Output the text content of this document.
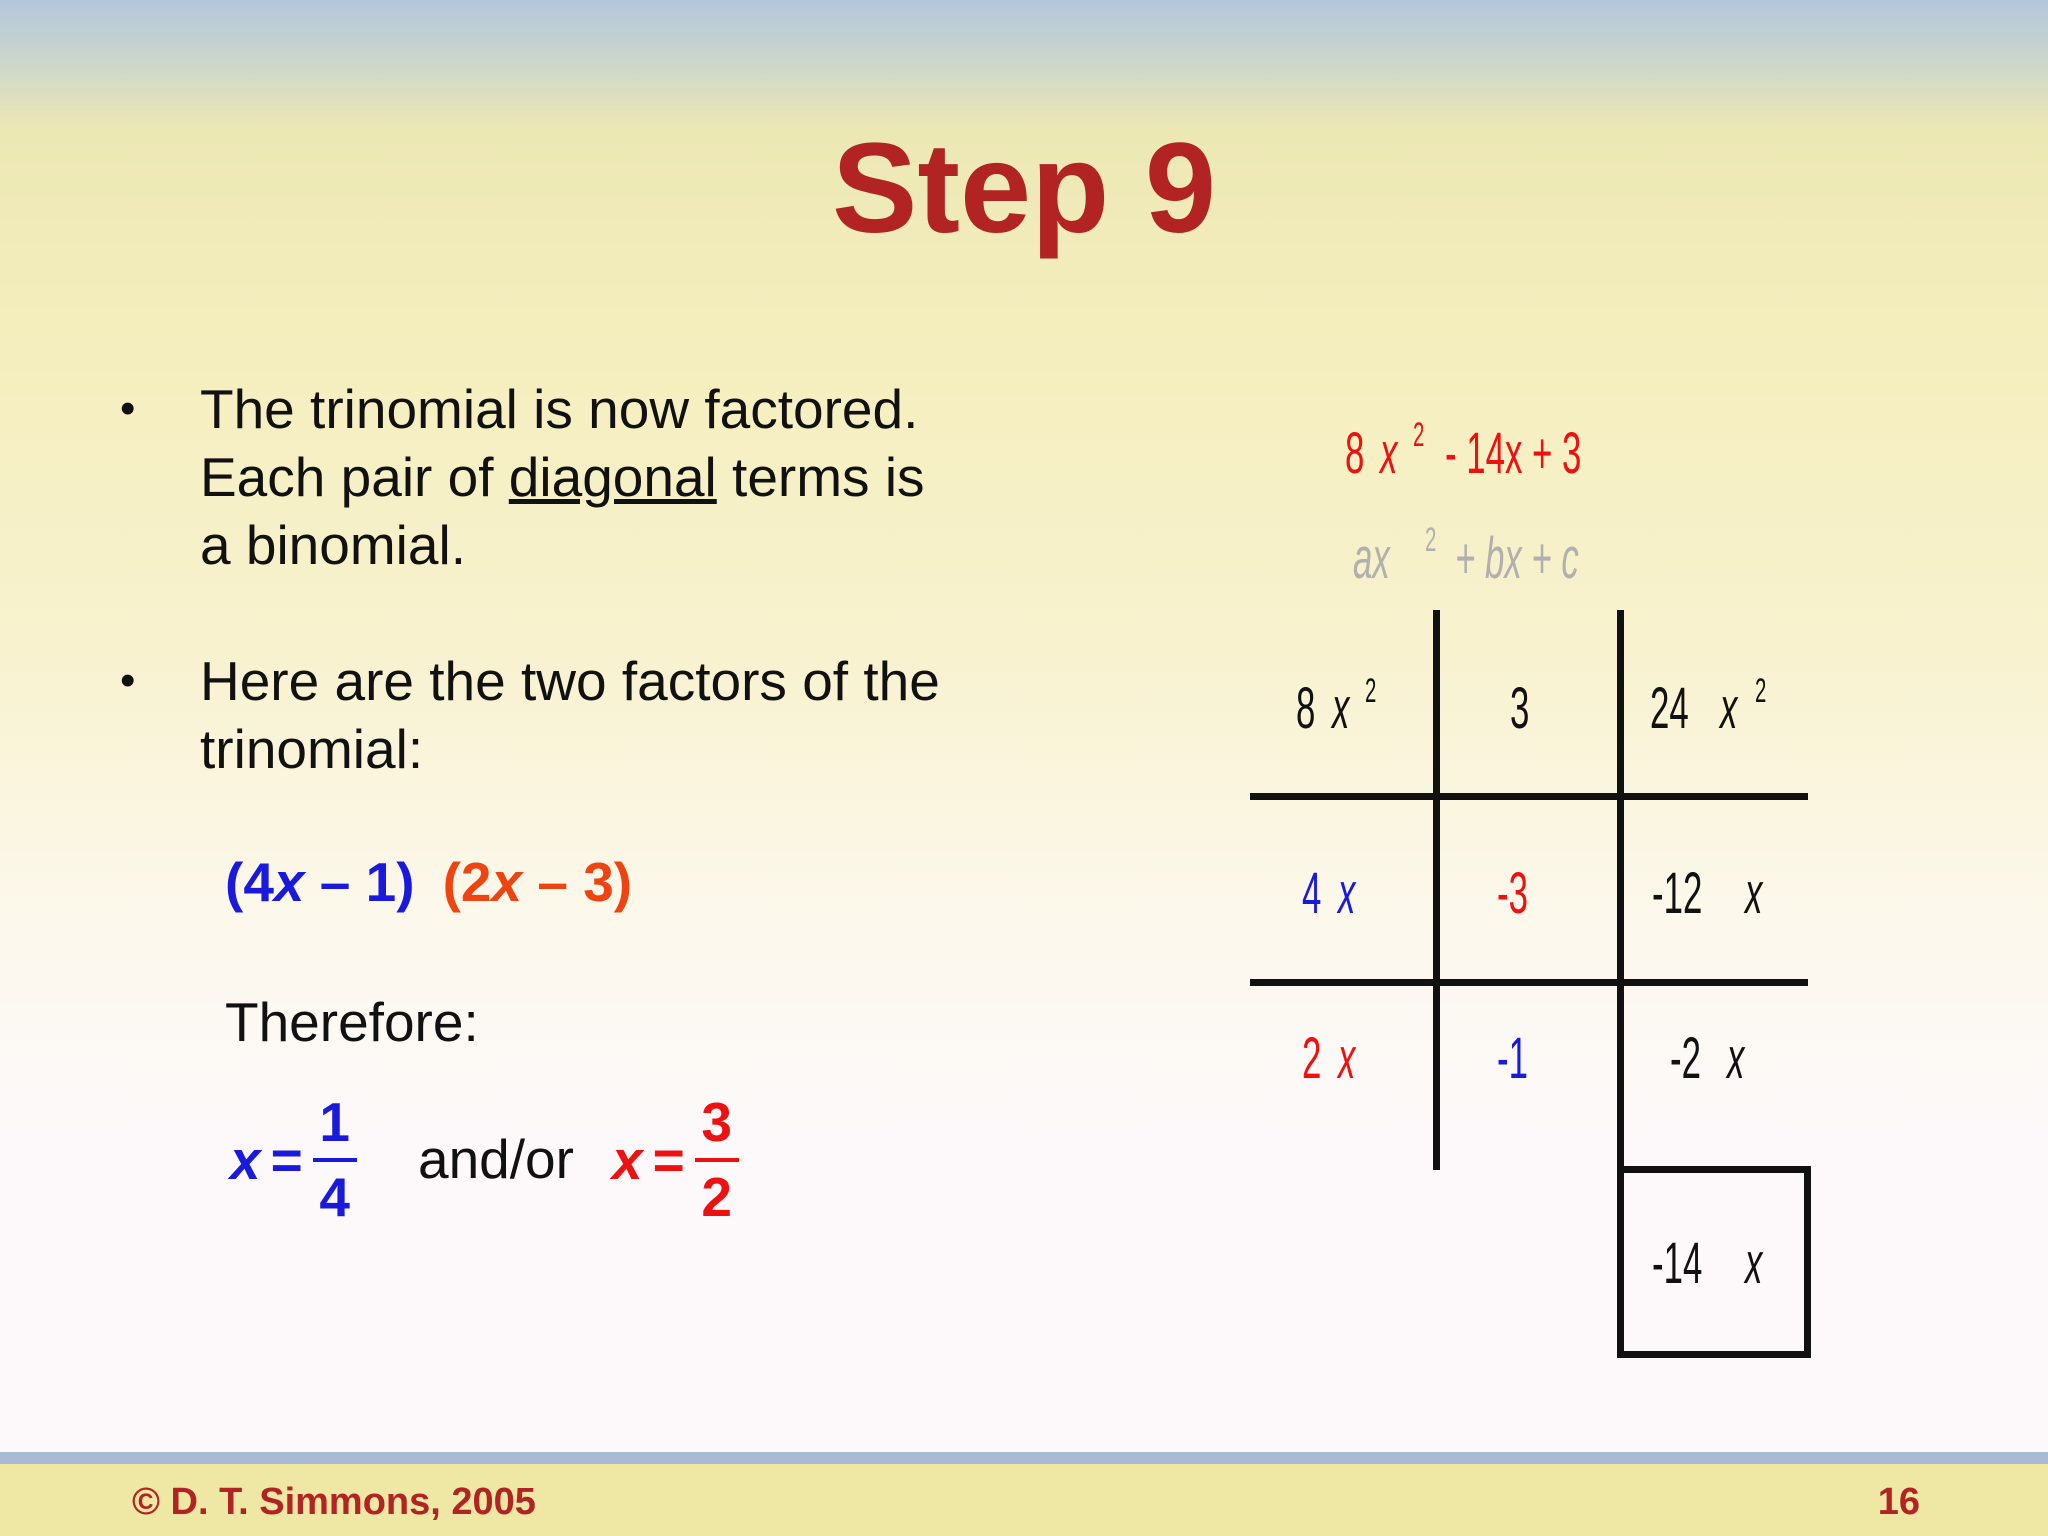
Step 9
• The trinomial is now factored.
Each pair of diagonal terms is
a binomial.
• Here are the two factors of the
trinomial:
(4x – 1) (2x – 3)
Therefore:
$x = \frac{1}{4} and/or$ $x = \frac{3}{2}$
8 x 2 - 14x + 3
ax 2 + bx + c
8 x 2 3 24 x 2
4 x -3 -12 x
2 x -1 -2 x
-14 x
© D. T. Simmons, 2005	16
